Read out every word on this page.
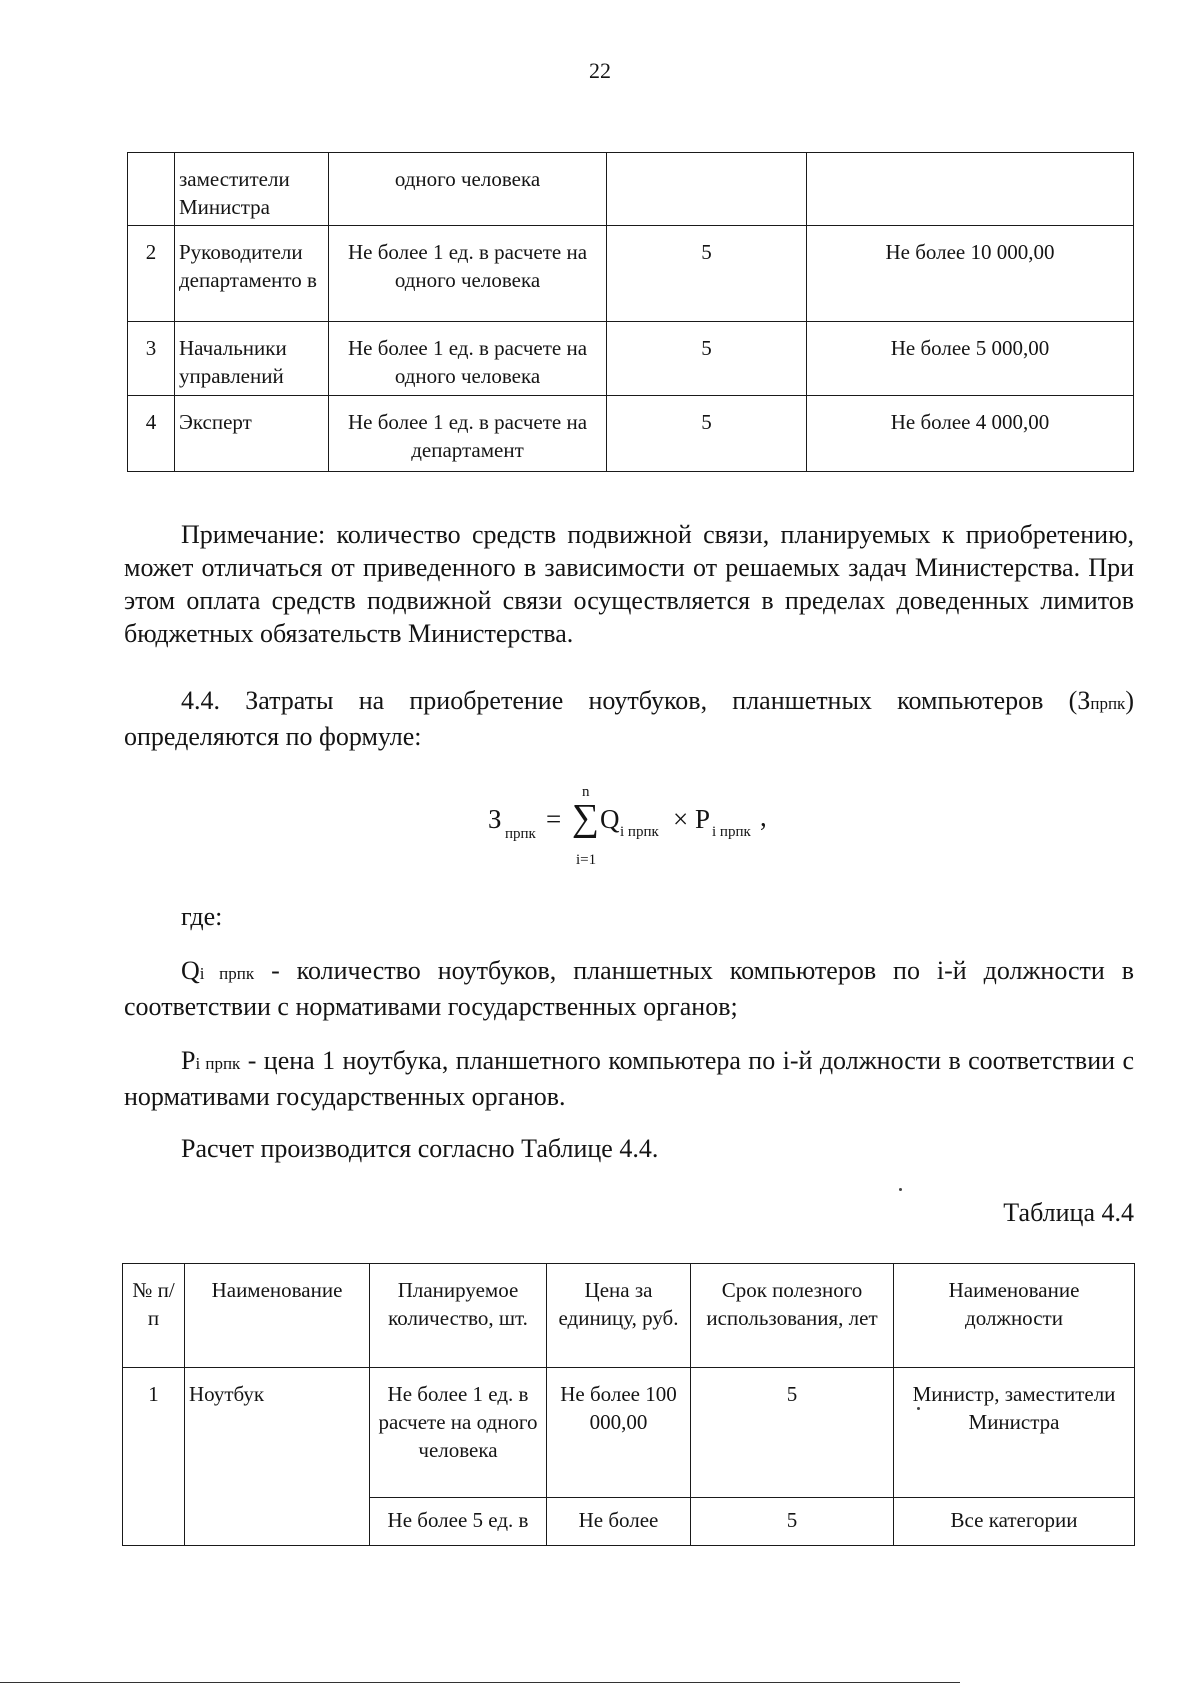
22
	заместители Министра	одного человека		
2	Руководители департаменто в	Не более 1 ед. в расчете на одного человека	5	Не более 10 000,00
3	Начальники управлений	Не более 1 ед. в расчете на одного человека	5	Не более 5 000,00
4	Эксперт	Не более 1 ед. в расчете на департамент	5	Не более 4 000,00

Примечание: количество средств подвижной связи, планируемых к приобретению, может отличаться от приведенного в зависимости от решаемых задач Министерства. При этом оплата средств подвижной связи осуществляется в пределах доведенных лимитов бюджетных обязательств Министерства.

4.4. Затраты на приобретение ноутбуков, планшетных компьютеров (Зпрпк) определяются по формуле:

З прпк =
n
∑
i=1
Q i прпк × P i прпк ,

где:

Qi прпк - количество ноутбуков, планшетных компьютеров по i-й должности в соответствии с нормативами государственных органов;

Pi прпк - цена 1 ноутбука, планшетного компьютера по i-й должности в соответствии с нормативами государственных органов.

Расчет производится согласно Таблице 4.4.

Таблица 4.4
№ п/п	Наименование	Планируемое количество, шт.	Цена за единицу, руб.	Срок полезного использования, лет	Наименование должности
1	Ноутбук	Не более 1 ед. в расчете на одного человека	Не более 100 000,00	5	Министр, заместители Министра
		Не более 5 ед. в	Не более	5	Все категории
